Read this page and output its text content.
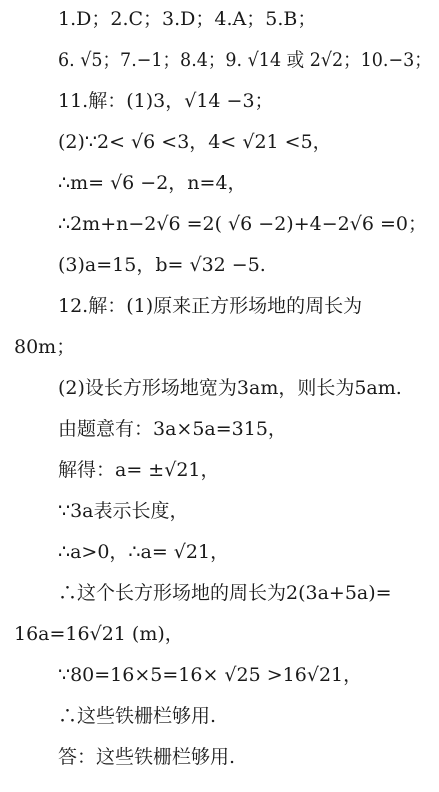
1.D；2.C；3.D；4.A；5.B；
6. √5；7.−1；8.4；9. √14 或 2√2；10.−3；
11.解：(1)3，√14 −3；
(2)∵2< √6 <3，4< √21 <5，
∴m= √6 −2，n=4，
∴2m+n−2√6 =2( √6 −2)+4−2√6 =0；
(3)a=15，b= √32 −5.
12.解：(1)原来正方形场地的周长为
80m；
(2)设长方形场地宽为3am，则长为5am.
由题意有：3a×5a=315，
解得：a= ±√21，
∵3a表示长度，
∴a>0，∴a= √21，
∴这个长方形场地的周长为2(3a+5a)=
16a=16√21 (m)，
∵80=16×5=16× √25 >16√21，
∴这些铁栅栏够用.
答：这些铁栅栏够用.
